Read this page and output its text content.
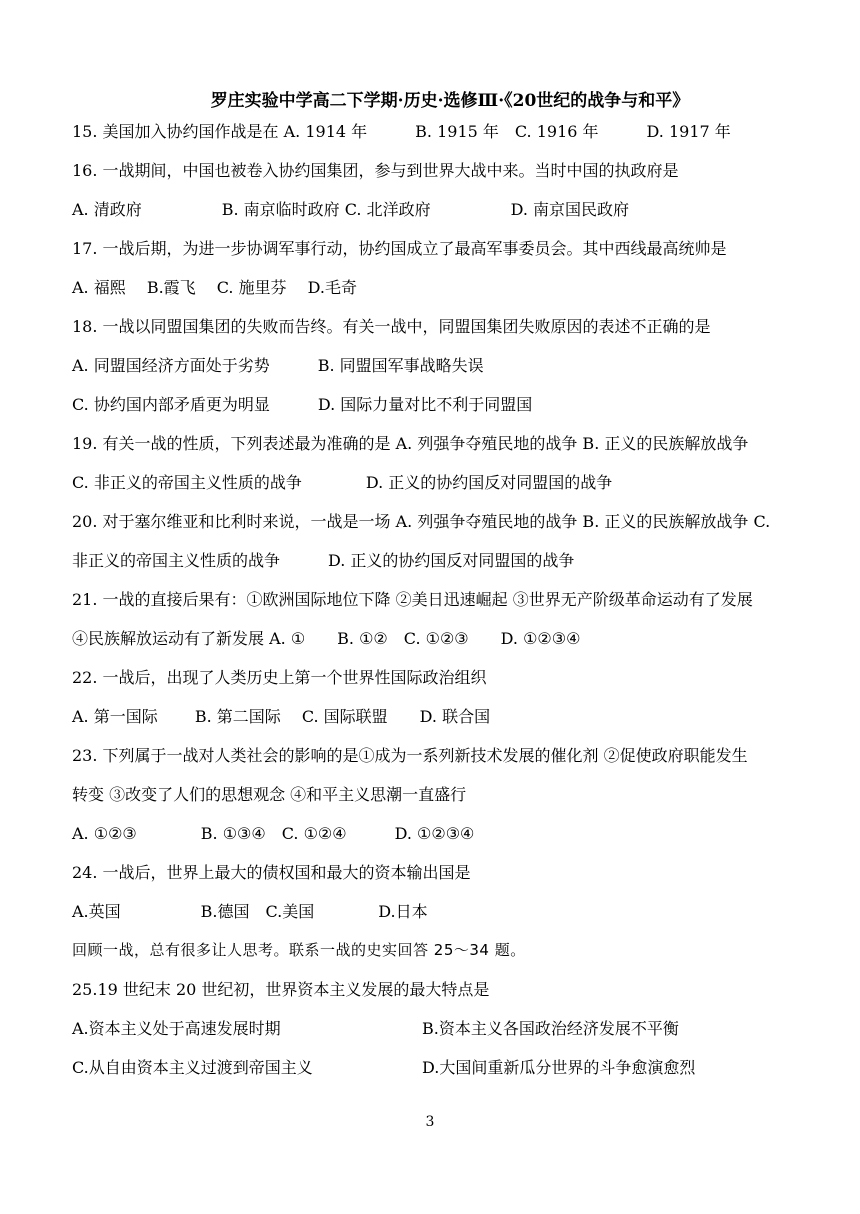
罗庄实验中学高二下学期·历史·选修Ⅲ·《20世纪的战争与和平》
15. 美国加入协约国作战是在 A. 1914 年　　　B. 1915 年　C. 1916 年　　　D. 1917 年
16. 一战期间，中国也被卷入协约国集团，参与到世界大战中来。当时中国的执政府是
A. 清政府　　　　　B. 南京临时政府 C. 北洋政府　　　　　D. 南京国民政府
17. 一战后期，为进一步协调军事行动，协约国成立了最高军事委员会。其中西线最高统帅是
A. 福熙　 B.霞飞　 C. 施里芬　 D.毛奇
18. 一战以同盟国集团的失败而告终。有关一战中，同盟国集团失败原因的表述不正确的是
A. 同盟国经济方面处于劣势　　　B. 同盟国军事战略失误
C. 协约国内部矛盾更为明显　　　D. 国际力量对比不利于同盟国
19. 有关一战的性质，下列表述最为准确的是 A. 列强争夺殖民地的战争 B. 正义的民族解放战争
C. 非正义的帝国主义性质的战争　　　　D. 正义的协约国反对同盟国的战争
20. 对于塞尔维亚和比利时来说，一战是一场 A. 列强争夺殖民地的战争 B. 正义的民族解放战争 C.
非正义的帝国主义性质的战争　　　D. 正义的协约国反对同盟国的战争
21. 一战的直接后果有：①欧洲国际地位下降 ②美日迅速崛起 ③世界无产阶级革命运动有了发展
④民族解放运动有了新发展 A. ①　　B. ①②　C. ①②③　　D. ①②③④
22. 一战后，出现了人类历史上第一个世界性国际政治组织
A. 第一国际　　 B. 第二国际　 C. 国际联盟　　D. 联合国
23. 下列属于一战对人类社会的影响的是①成为一系列新技术发展的催化剂 ②促使政府职能发生
转变 ③改变了人们的思想观念 ④和平主义思潮一直盛行
A. ①②③　　　　B. ①③④　C. ①②④　　　D. ①②③④
24. 一战后，世界上最大的债权国和最大的资本输出国是
A.英国　　　　　B.德国　C.美国　　　　D.日本
回顾一战，总有很多让人思考。联系一战的史实回答 25～34 题。
25.19 世纪末 20 世纪初，世界资本主义发展的最大特点是
A.资本主义处于高速发展时期	B.资本主义各国政治经济发展不平衡
C.从自由资本主义过渡到帝国主义	D.大国间重新瓜分世界的斗争愈演愈烈
3
